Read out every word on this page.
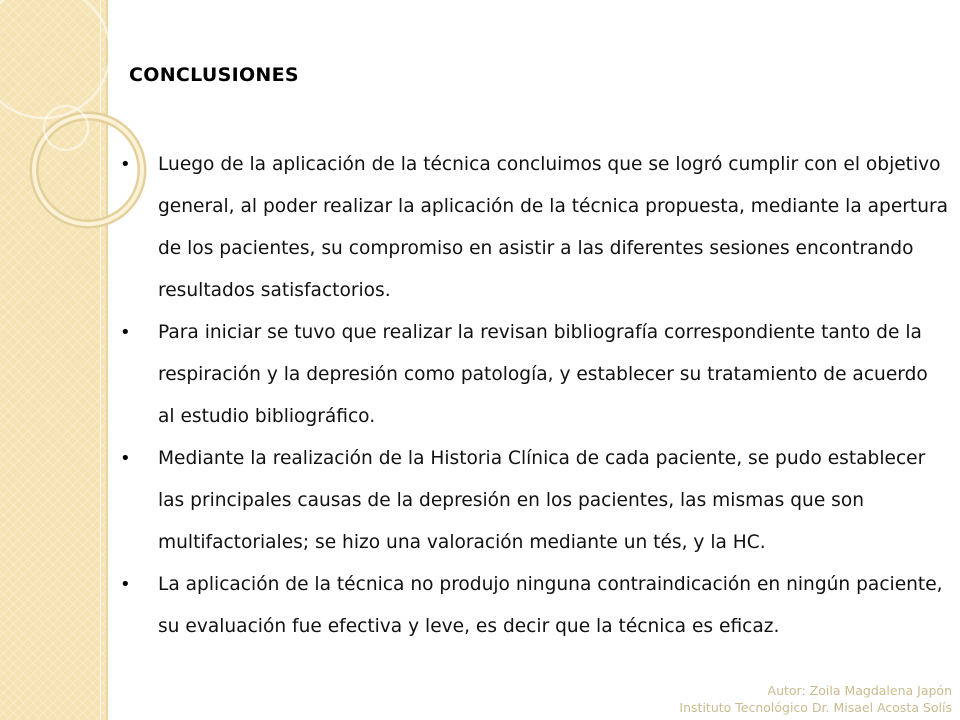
CONCLUSIONES

• Luego de la aplicación de la técnica concluimos que se logró cumplir con el objetivo general, al poder realizar la aplicación de la técnica propuesta, mediante la apertura de los pacientes, su compromiso en asistir a las diferentes sesiones encontrando resultados satisfactorios.

• Para iniciar se tuvo que realizar la revisan bibliografía correspondiente tanto de la respiración y la depresión como patología, y establecer su tratamiento de acuerdo al estudio bibliográfico.

• Mediante la realización de la Historia Clínica de cada paciente, se pudo establecer las principales causas de la depresión en los pacientes, las mismas que son multifactoriales; se hizo una valoración mediante un tés, y la HC.

• La aplicación de la técnica no produjo ninguna contraindicación en ningún paciente, su evaluación fue efectiva y leve, es decir que la técnica es eficaz.

Autor: Zoila Magdalena Japón
Instituto Tecnológico Dr. Misael Acosta Solís
